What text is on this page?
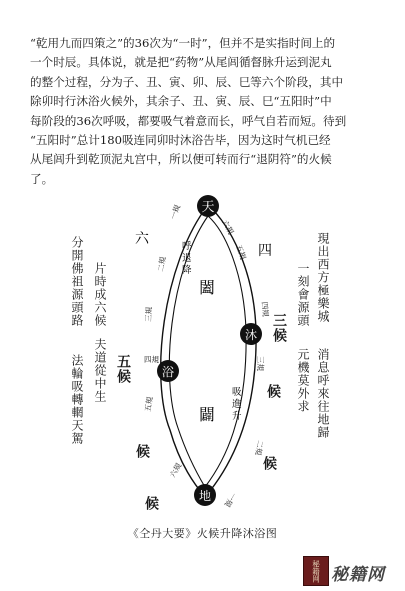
“乾用九而四策之”的36次为“一时”，但并不是实指时间上的
一个时辰。具体说，就是把“药物”从尾闾循督脉升运到泥丸
的整个过程，分为子、丑、寅、卯、辰、巳等六个阶段，其中
除卯时行沐浴火候外，其余子、丑、寅、辰、巳“五阳时”中
每阶段的36次呼吸，都要吸气着意而长，呼气自若而短。待到
“五阳时”总计180吸连同卯时沐浴告毕，因为这时气机已经
从尾闾升到乾顶泥丸宫中，所以便可转而行“退阴符”的火候
了。
分開佛祖源頭路 片時成六候
法輪吸轉輞天駕 夫道從中生
現出西方極樂城
一刻會源頭
消息呼來往地歸
元機莫外求
天
沐
浴
地
闔
闢
一規
二規
三規
四規
五規
六規
六規
五規
四規
三規
二規
一規
呼退降
吸進升
六
四
三候
五候
候
候
候
候
《仝丹大要》火候升降沐浴图
秘籍网 秘籍网
